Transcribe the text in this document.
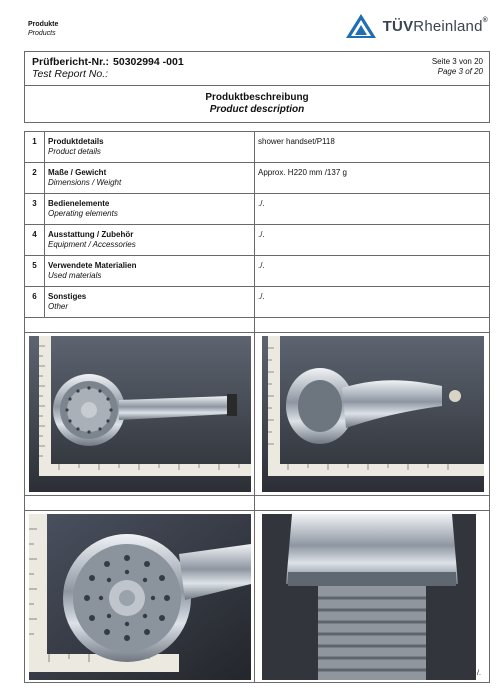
Produkte
Products	TÜVRheinland®
Prüfbericht-Nr.: 50302994 -001
Test Report No.:
Seite 3 von 20
Page 3 of 20
Produktbeschreibung
Product description
1	Produktdetails
Product details	shower handset/P118
2	Maße / Gewicht
Dimensions / Weight	Approx. H220 mm /137 g
3	Bedienelemente
Operating elements	./.
4	Ausstattung / Zubehör
Equipment / Accessories	./.
5	Verwendete Materialien
Used materials	./.
6	Sonstiges
Other	./.

/.
